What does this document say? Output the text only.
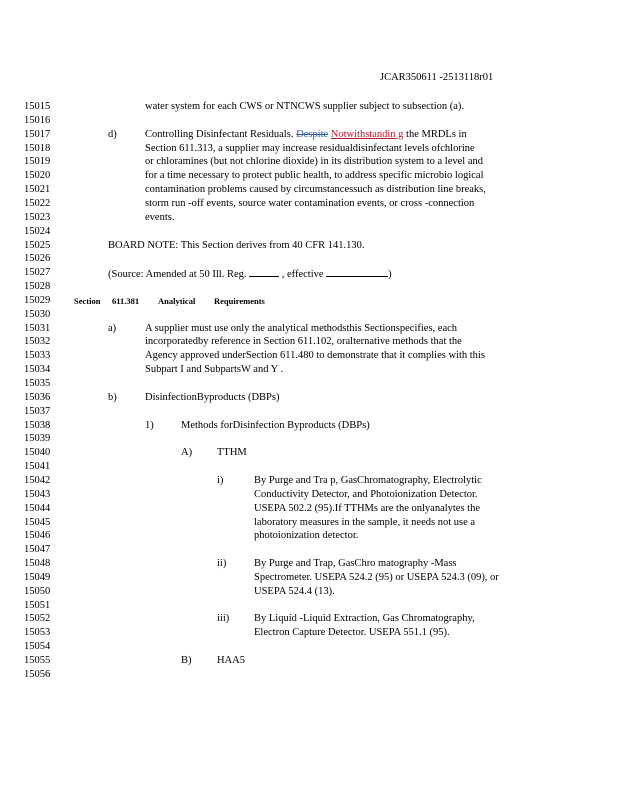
JCAR350611 -2513118r01
15015	water system for each CWS or NTNCWS supplier subject to subsection (a).
15016
15017	d)	Controlling Disinfectant Residuals. Despite Notwithstandin g the MRDLs in
15018	Section 611.313, a supplier may increase residualdisinfectant levels ofchlorine
15019	or chloramines (but not chlorine dioxide) in its distribution system to a level and
15020	for a time necessary to protect public health, to address specific microbio logical
15021	contamination problems caused by circumstancessuch as distribution line breaks,
15022	storm run -off events, source water contamination events, or cross -connection
15023	events.
15024
15025	BOARD NOTE: This Section derives from 40 CFR 141.130.
15026
15027	(Source: Amended at 50 Ill. Reg.	, effective	)
15028
15029	Section 611.381 Analytical Requirements
15030
15031	a)	A supplier must use only the analytical methodsthis Sectionspecifies, each
15032	incorporatedby reference in Section 611.102, oralternative methods that the
15033	Agency approved underSection 611.480 to demonstrate that it complies with this
15034	Subpart I and SubpartsW and Y .
15035
15036	b)	DisinfectionByproducts (DBPs)
15037
15038	1)	Methods forDisinfection Byproducts (DBPs)
15039
15040	A) TTHM
15041
15042	i)	By Purge and Tra p, GasChromatography, Electrolytic
15043	Conductivity Detector, and Photoionization Detector.
15044	USEPA 502.2 (95).If TTHMs are the onlyanalytes the
15045	laboratory measures in the sample, it needs not use a
15046	photoionization detector.
15047
15048	ii)	By Purge and Trap, GasChro matography -Mass
15049	Spectrometer. USEPA 524.2 (95) or USEPA 524.3 (09), or
15050	USEPA 524.4 (13).
15051
15052	iii) By Liquid -Liquid Extraction, Gas Chromatography,
15053	Electron Capture Detector. USEPA 551.1 (95).
15054
15055	B) HAA5
15056
